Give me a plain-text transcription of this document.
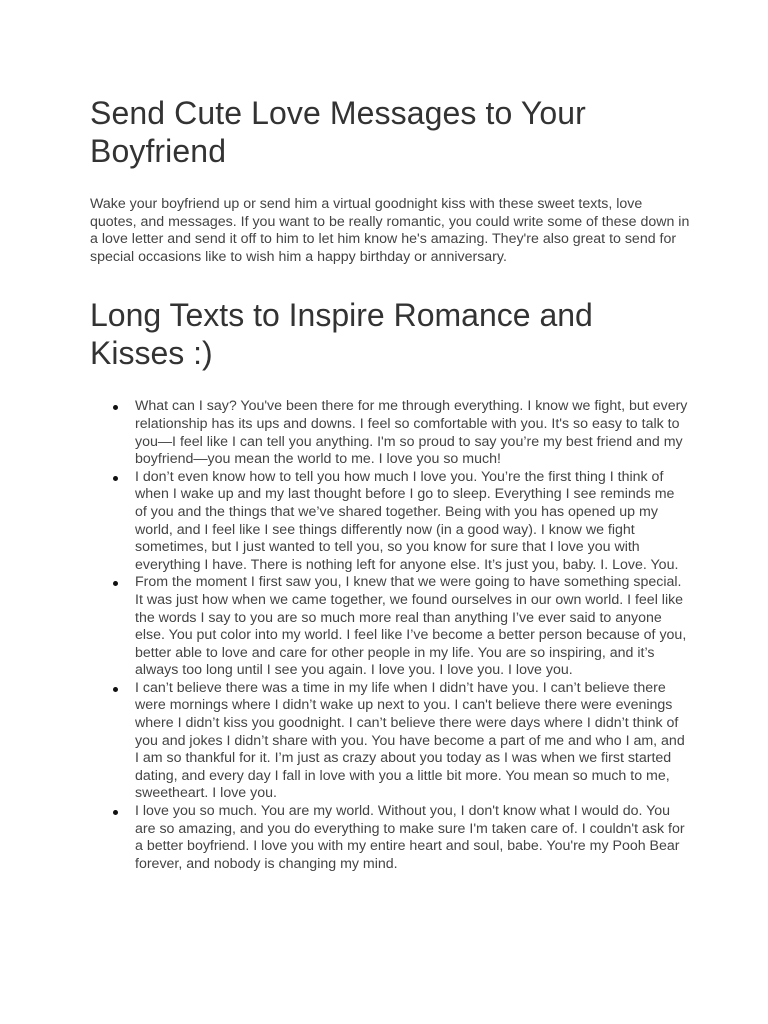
Send Cute Love Messages to Your Boyfriend

Wake your boyfriend up or send him a virtual goodnight kiss with these sweet texts, love quotes, and messages. If you want to be really romantic, you could write some of these down in a love letter and send it off to him to let him know he's amazing. They're also great to send for special occasions like to wish him a happy birthday or anniversary.

Long Texts to Inspire Romance and Kisses :)
What can I say? You've been there for me through everything. I know we fight, but every relationship has its ups and downs. I feel so comfortable with you. It's so easy to talk to you—I feel like I can tell you anything. I'm so proud to say you’re my best friend and my boyfriend—you mean the world to me. I love you so much!
I don’t even know how to tell you how much I love you. You’re the first thing I think of when I wake up and my last thought before I go to sleep. Everything I see reminds me of you and the things that we’ve shared together. Being with you has opened up my world, and I feel like I see things differently now (in a good way). I know we fight sometimes, but I just wanted to tell you, so you know for sure that I love you with everything I have. There is nothing left for anyone else. It’s just you, baby. I. Love. You.
From the moment I first saw you, I knew that we were going to have something special. It was just how when we came together, we found ourselves in our own world. I feel like the words I say to you are so much more real than anything I’ve ever said to anyone else. You put color into my world. I feel like I’ve become a better person because of you, better able to love and care for other people in my life. You are so inspiring, and it’s always too long until I see you again. I love you. I love you. I love you.
I can’t believe there was a time in my life when I didn’t have you. I can’t believe there were mornings where I didn’t wake up next to you. I can't believe there were evenings where I didn’t kiss you goodnight. I can’t believe there were days where I didn’t think of you and jokes I didn’t share with you. You have become a part of me and who I am, and I am so thankful for it. I’m just as crazy about you today as I was when we first started dating, and every day I fall in love with you a little bit more. You mean so much to me, sweetheart. I love you.
I love you so much. You are my world. Without you, I don't know what I would do. You are so amazing, and you do everything to make sure I'm taken care of. I couldn't ask for a better boyfriend. I love you with my entire heart and soul, babe. You're my Pooh Bear forever, and nobody is changing my mind.
